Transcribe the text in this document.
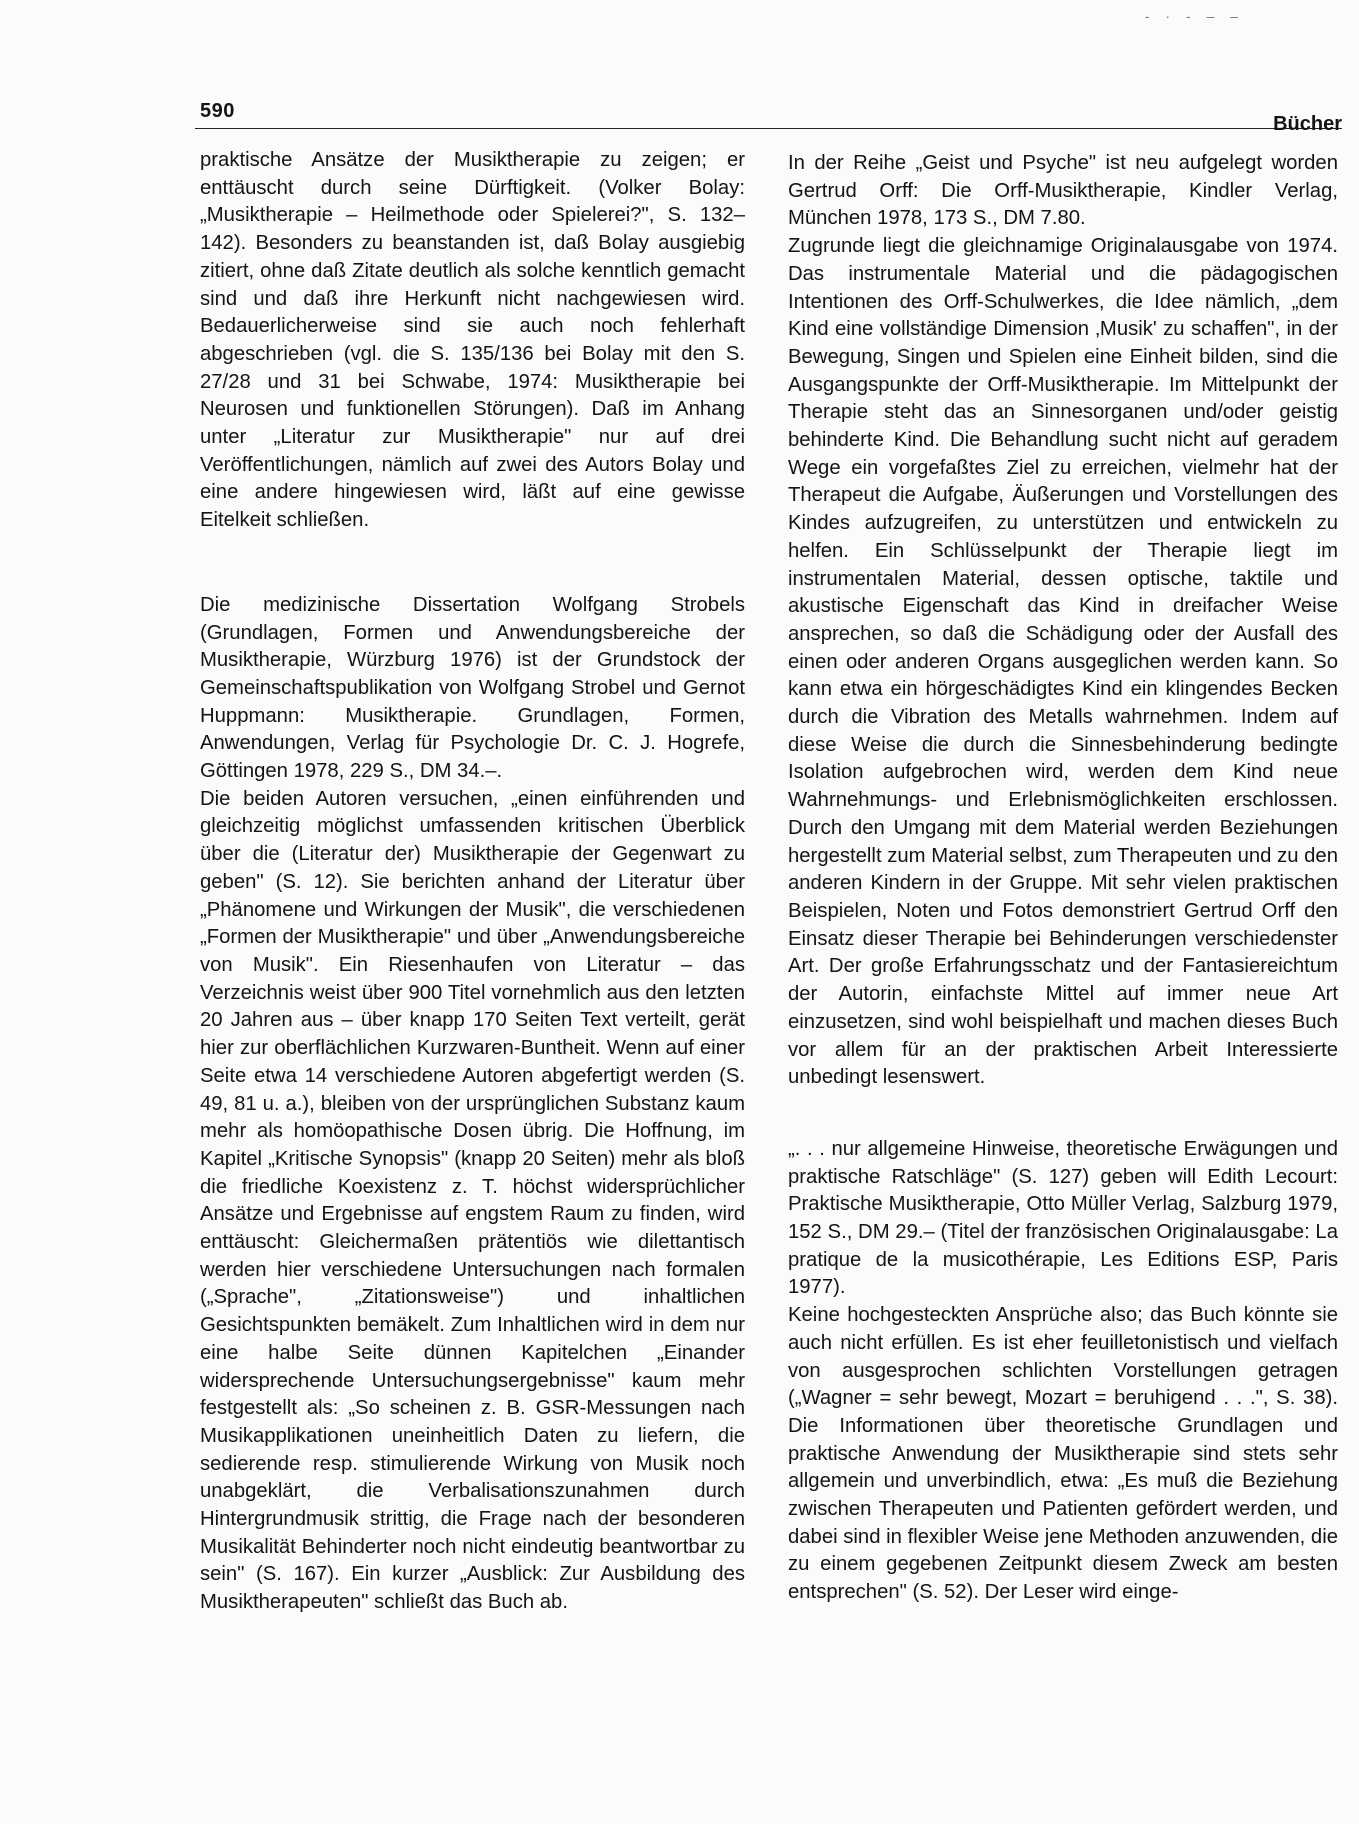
- · - ‒ ‒
590
Bücher

praktische Ansätze der Musiktherapie zu zeigen; er enttäuscht durch seine Dürftigkeit. (Volker Bolay: „Musiktherapie – Heilmethode oder Spielerei?", S. 132–142). Besonders zu beanstanden ist, daß Bolay ausgiebig zitiert, ohne daß Zitate deutlich als solche kenntlich gemacht sind und daß ihre Herkunft nicht nachgewiesen wird. Bedauerlicherweise sind sie auch noch fehlerhaft abgeschrieben (vgl. die S. 135/136 bei Bolay mit den S. 27/28 und 31 bei Schwabe, 1974: Musiktherapie bei Neurosen und funktionellen Störungen). Daß im Anhang unter „Literatur zur Musiktherapie" nur auf drei Veröffentlichungen, nämlich auf zwei des Autors Bolay und eine andere hingewiesen wird, läßt auf eine gewisse Eitelkeit schließen.

Die medizinische Dissertation Wolfgang Strobels (Grundlagen, Formen und Anwendungsbereiche der Musiktherapie, Würzburg 1976) ist der Grundstock der Gemeinschaftspublikation von Wolfgang Strobel und Gernot Huppmann: Musiktherapie. Grundlagen, Formen, Anwendungen, Verlag für Psychologie Dr. C. J. Hogrefe, Göttingen 1978, 229 S., DM 34.–.

Die beiden Autoren versuchen, „einen einführenden und gleichzeitig möglichst umfassenden kritischen Überblick über die (Literatur der) Musiktherapie der Gegenwart zu geben" (S. 12). Sie berichten anhand der Literatur über „Phänomene und Wirkungen der Musik", die verschiedenen „Formen der Musiktherapie" und über „Anwendungsbereiche von Musik". Ein Riesenhaufen von Literatur – das Verzeichnis weist über 900 Titel vornehmlich aus den letzten 20 Jahren aus – über knapp 170 Seiten Text verteilt, gerät hier zur oberflächlichen Kurzwaren-Buntheit. Wenn auf einer Seite etwa 14 verschiedene Autoren abgefertigt werden (S. 49, 81 u. a.), bleiben von der ursprünglichen Substanz kaum mehr als homöopathische Dosen übrig. Die Hoffnung, im Kapitel „Kritische Synopsis" (knapp 20 Seiten) mehr als bloß die friedliche Koexistenz z. T. höchst widersprüchlicher Ansätze und Ergebnisse auf engstem Raum zu finden, wird enttäuscht: Gleichermaßen prätentiös wie dilettantisch werden hier verschiedene Untersuchungen nach formalen („Sprache", „Zitationsweise") und inhaltlichen Gesichtspunkten bemäkelt. Zum Inhaltlichen wird in dem nur eine halbe Seite dünnen Kapitelchen „Einander widersprechende Untersuchungsergebnisse" kaum mehr festgestellt als: „So scheinen z. B. GSR-Messungen nach Musikapplikationen uneinheitlich Daten zu liefern, die sedierende resp. stimulierende Wirkung von Musik noch unabgeklärt, die Verbalisationszunahmen durch Hintergrundmusik strittig, die Frage nach der besonderen Musikalität Behinderter noch nicht eindeutig beantwortbar zu sein" (S. 167). Ein kurzer „Ausblick: Zur Ausbildung des Musiktherapeuten" schließt das Buch ab.

In der Reihe „Geist und Psyche" ist neu aufgelegt worden Gertrud Orff: Die Orff-Musiktherapie, Kindler Verlag, München 1978, 173 S., DM 7.80.

Zugrunde liegt die gleichnamige Originalausgabe von 1974. Das instrumentale Material und die pädagogischen Intentionen des Orff-Schulwerkes, die Idee nämlich, „dem Kind eine vollständige Dimension ‚Musik' zu schaffen", in der Bewegung, Singen und Spielen eine Einheit bilden, sind die Ausgangspunkte der Orff-Musiktherapie. Im Mittelpunkt der Therapie steht das an Sinnesorganen und/oder geistig behinderte Kind. Die Behandlung sucht nicht auf geradem Wege ein vorgefaßtes Ziel zu erreichen, vielmehr hat der Therapeut die Aufgabe, Äußerungen und Vorstellungen des Kindes aufzugreifen, zu unterstützen und entwickeln zu helfen. Ein Schlüsselpunkt der Therapie liegt im instrumentalen Material, dessen optische, taktile und akustische Eigenschaft das Kind in dreifacher Weise ansprechen, so daß die Schädigung oder der Ausfall des einen oder anderen Organs ausgeglichen werden kann. So kann etwa ein hörgeschädigtes Kind ein klingendes Becken durch die Vibration des Metalls wahrnehmen. Indem auf diese Weise die durch die Sinnesbehinderung bedingte Isolation aufgebrochen wird, werden dem Kind neue Wahrnehmungs- und Erlebnismöglichkeiten erschlossen. Durch den Umgang mit dem Material werden Beziehungen hergestellt zum Material selbst, zum Therapeuten und zu den anderen Kindern in der Gruppe. Mit sehr vielen praktischen Beispielen, Noten und Fotos demonstriert Gertrud Orff den Einsatz dieser Therapie bei Behinderungen verschiedenster Art. Der große Erfahrungsschatz und der Fantasiereichtum der Autorin, einfachste Mittel auf immer neue Art einzusetzen, sind wohl beispielhaft und machen dieses Buch vor allem für an der praktischen Arbeit Interessierte unbedingt lesenswert.

„. . . nur allgemeine Hinweise, theoretische Erwägungen und praktische Ratschläge" (S. 127) geben will Edith Lecourt: Praktische Musiktherapie, Otto Müller Verlag, Salzburg 1979, 152 S., DM 29.– (Titel der französischen Originalausgabe: La pratique de la musicothérapie, Les Editions ESP, Paris 1977).

Keine hochgesteckten Ansprüche also; das Buch könnte sie auch nicht erfüllen. Es ist eher feuilletonistisch und vielfach von ausgesprochen schlichten Vorstellungen getragen („Wagner = sehr bewegt, Mozart = beruhigend . . .", S. 38). Die Informationen über theoretische Grundlagen und praktische Anwendung der Musiktherapie sind stets sehr allgemein und unverbindlich, etwa: „Es muß die Beziehung zwischen Therapeuten und Patienten gefördert werden, und dabei sind in flexibler Weise jene Methoden anzuwenden, die zu einem gegebenen Zeitpunkt diesem Zweck am besten entsprechen" (S. 52). Der Leser wird einge-
